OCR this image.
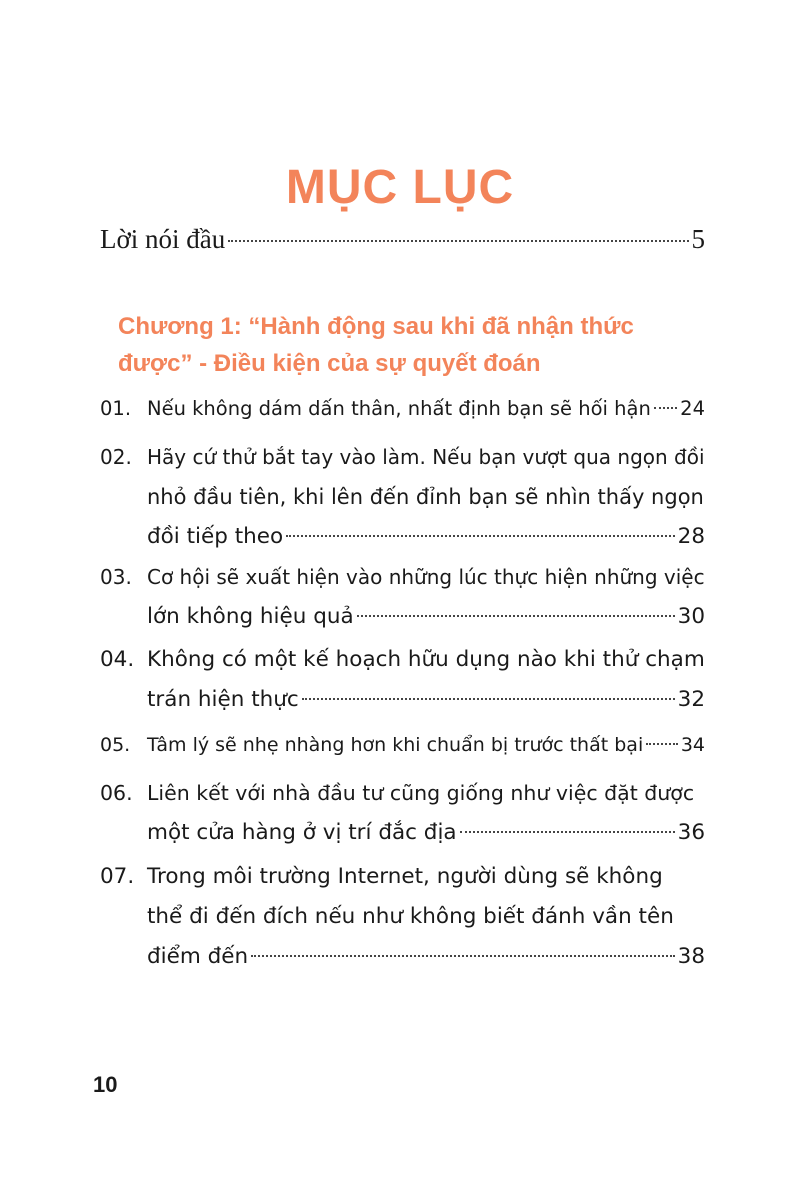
MỤC LỤC
Lời nói đầu	5
Chương 1: “Hành động sau khi đã nhận thức
được” - Điều kiện của sự quyết đoán
01. Nếu không dám dấn thân, nhất định bạn sẽ hối hận 24
02. Hãy cứ thử bắt tay vào làm. Nếu bạn vượt qua ngọn đồi
nhỏ đầu tiên, khi lên đến đỉnh bạn sẽ nhìn thấy ngọn
đồi tiếp theo	28
03. Cơ hội sẽ xuất hiện vào những lúc thực hiện những việc
lớn không hiệu quả	30
04. Không có một kế hoạch hữu dụng nào khi thử chạm
trán hiện thực	32
05. Tâm lý sẽ nhẹ nhàng hơn khi chuẩn bị trước thất bại 34
06. Liên kết với nhà đầu tư cũng giống như việc đặt được
một cửa hàng ở vị trí đắc địa	36
07. Trong môi trường Internet, người dùng sẽ không
thể đi đến đích nếu như không biết đánh vần tên
điểm đến	38
10
